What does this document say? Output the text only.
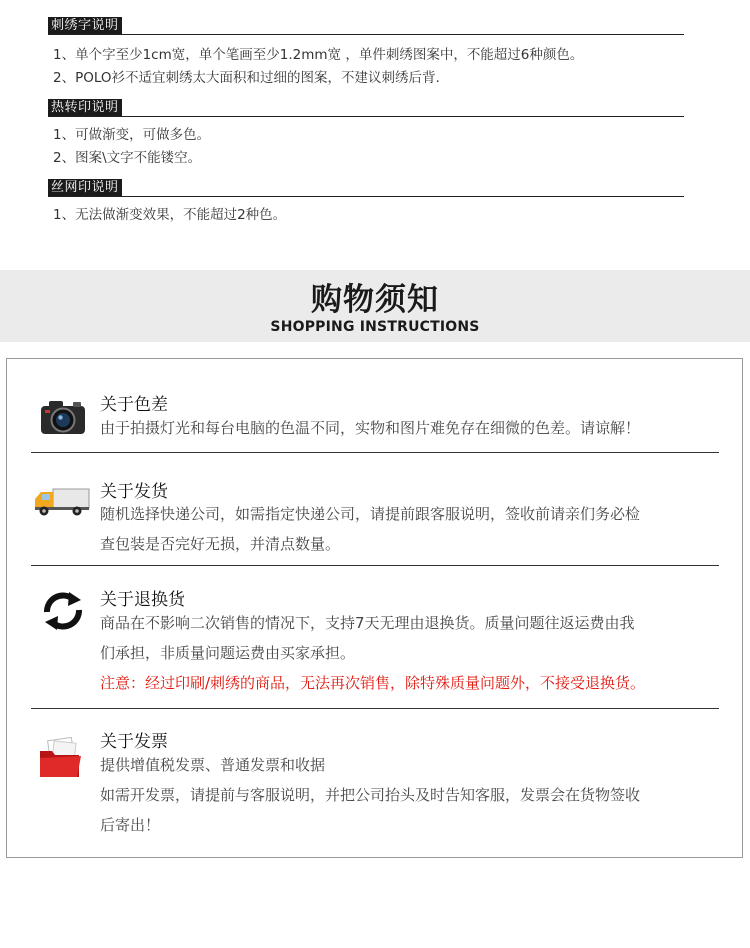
刺绣字说明
1、单个字至少1cm宽，单个笔画至少1.2mm宽 ，单件刺绣图案中，不能超过6种颜色。
2、POLO衫不适宜刺绣太大面积和过细的图案，不建议刺绣后背.
热转印说明
1、可做渐变，可做多色。
2、图案\文字不能镂空。
丝网印说明
1、无法做渐变效果，不能超过2种色。
购物须知
SHOPPING INSTRUCTIONS
关于色差
由于拍摄灯光和每台电脑的色温不同，实物和图片难免存在细微的色差。请谅解！
关于发货
随机选择快递公司，如需指定快递公司，请提前跟客服说明，签收前请亲们务必检
查包装是否完好无损，并清点数量。
关于退换货
商品在不影响二次销售的情况下，支持7天无理由退换货。质量问题往返运费由我
们承担，非质量问题运费由买家承担。
注意：经过印刷/刺绣的商品，无法再次销售，除特殊质量问题外，不接受退换货。
关于发票
提供增值税发票、普通发票和收据
如需开发票，请提前与客服说明，并把公司抬头及时告知客服，发票会在货物签收
后寄出！
